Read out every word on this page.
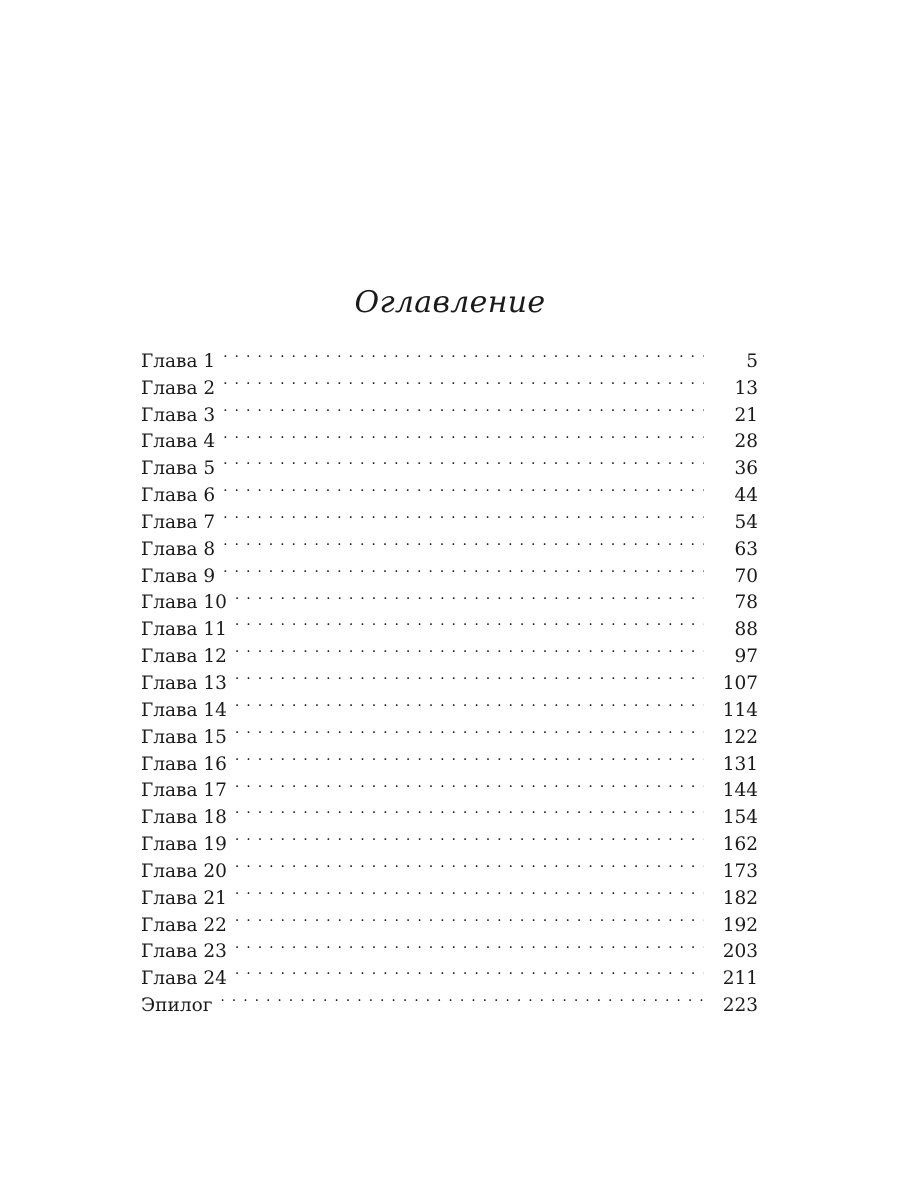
Оглавление
Глава 1 . . .	5
Глава 2 . . .	13
Глава 3 . . .	21
Глава 4 . . .	28
Глава 5 . . .	36
Глава 6 . . .	44
Глава 7 . . .	54
Глава 8 . . .	63
Глава 9 . . .	70
Глава 10 . . .	78
Глава 11 . . .	88
Глава 12 . . .	97
Глава 13 . . .	107
Глава 14 . . .	114
Глава 15 . . .	122
Глава 16 . . .	131
Глава 17 . . .	144
Глава 18 . . .	154
Глава 19 . . .	162
Глава 20 . . .	173
Глава 21 . . .	182
Глава 22 . . .	192
Глава 23 . . .	203
Глава 24 . . .	211
Эпилог . . .	223
